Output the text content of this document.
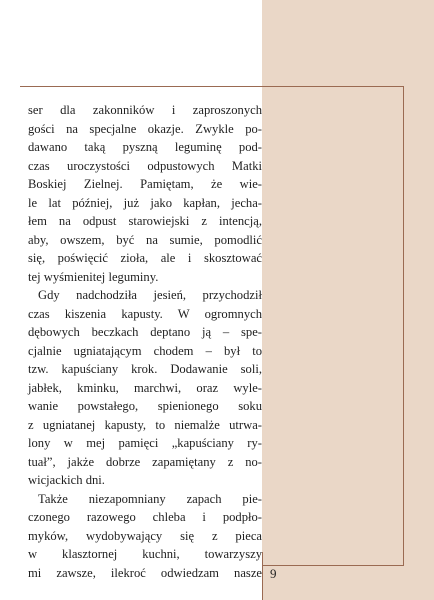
ser dla zakonników i zaproszonych
gości na specjalne okazje. Zwykle po-
dawano taką pyszną leguminę pod-
czas uroczystości odpustowych Matki
Boskiej Zielnej. Pamiętam, że wie-
le lat później, już jako kapłan, jecha-
łem na odpust starowiejski z intencją,
aby, owszem, być na sumie, pomodlić
się, poświęcić zioła, ale i skosztować
tej wyśmienitej leguminy.

Gdy nadchodziła jesień, przychodził
czas kiszenia kapusty. W ogromnych
dębowych beczkach deptano ją – spe-
cjalnie ugniatającym chodem – był to
tzw. kapuściany krok. Dodawanie soli,
jabłek, kminku, marchwi, oraz wyle-
wanie powstałego, spienionego soku
z ugniatanej kapusty, to niemalże utrwa-
lony w mej pamięci „kapuściany ry-
tuał”, jakże dobrze zapamiętany z no-
wicjackich dni.

Także niezapomniany zapach pie-
czonego razowego chleba i podpło-
myków, wydobywający się z pieca
w klasztornej kuchni, towarzyszy
mi zawsze, ilekroć odwiedzam nasze 9
